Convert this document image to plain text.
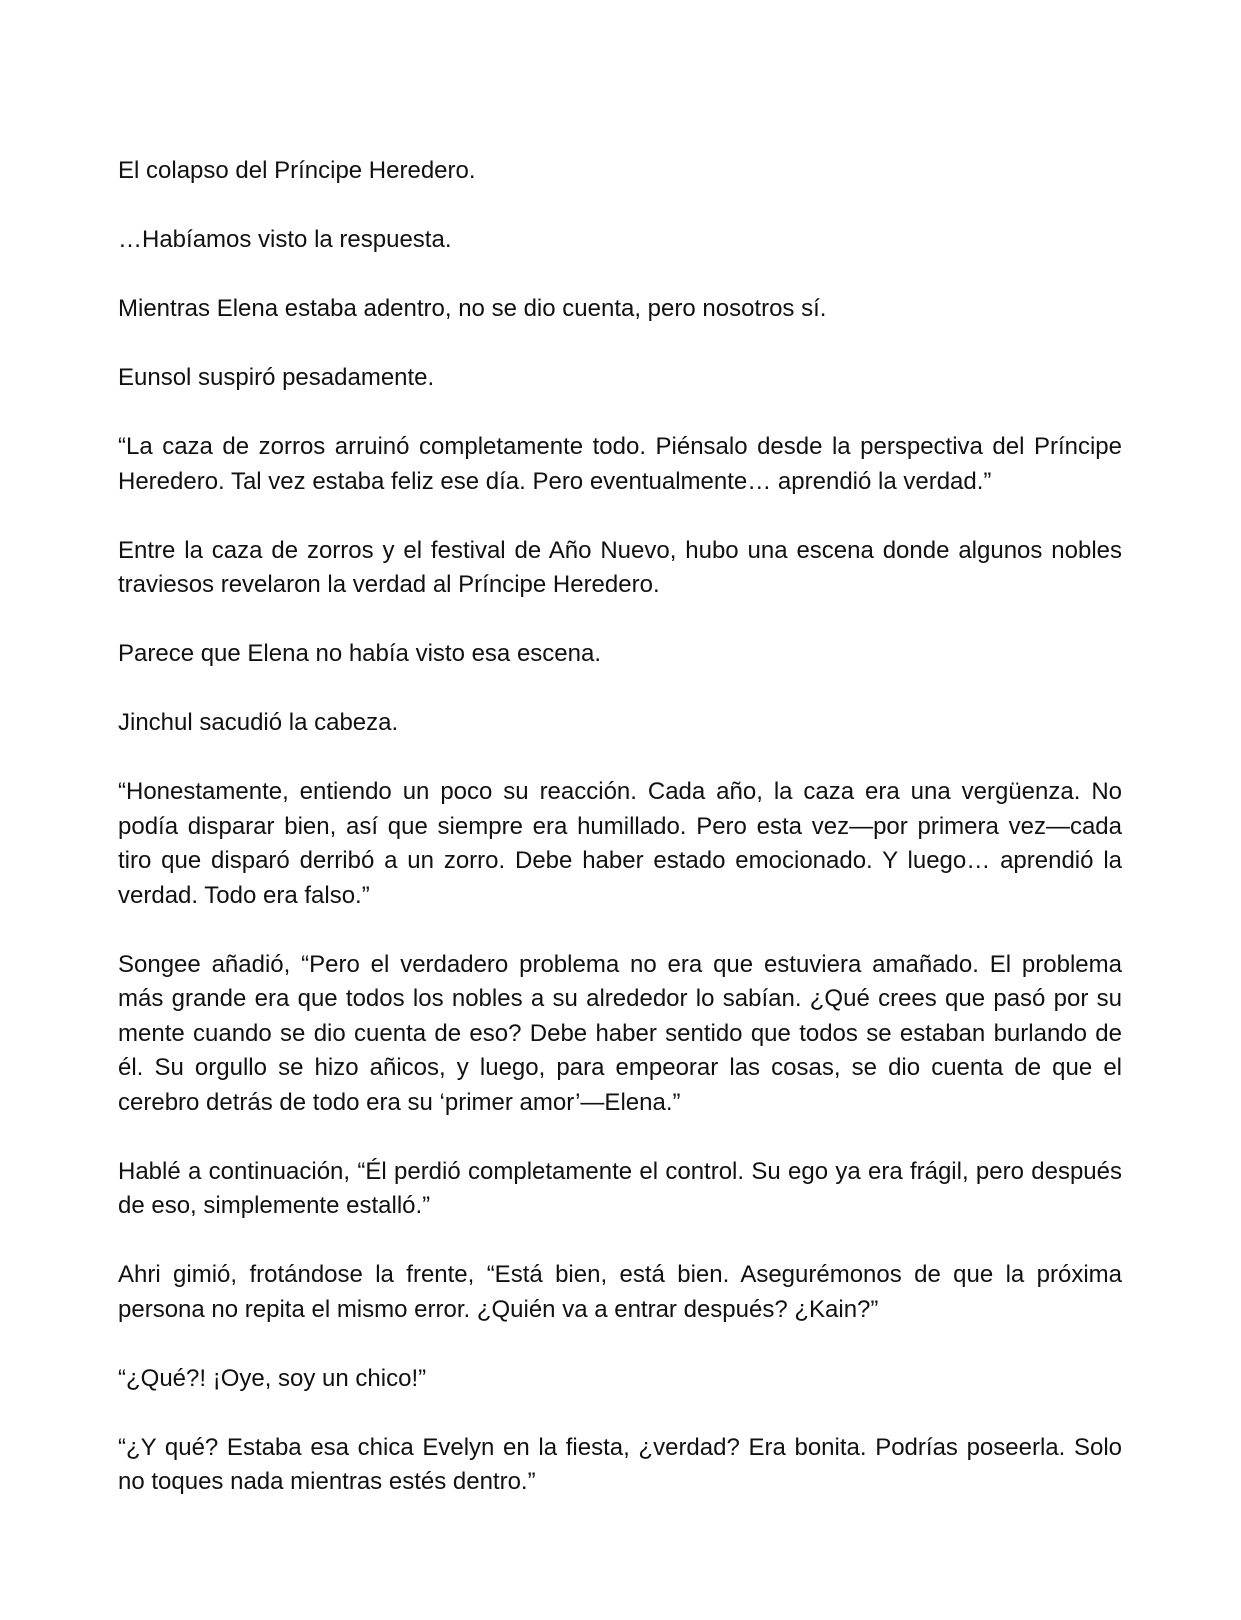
El colapso del Príncipe Heredero.

…Habíamos visto la respuesta.

Mientras Elena estaba adentro, no se dio cuenta, pero nosotros sí.

Eunsol suspiró pesadamente.

“La caza de zorros arruinó completamente todo. Piénsalo desde la perspectiva del Príncipe Heredero. Tal vez estaba feliz ese día. Pero eventualmente… aprendió la verdad.”

Entre la caza de zorros y el festival de Año Nuevo, hubo una escena donde algunos nobles traviesos revelaron la verdad al Príncipe Heredero.

Parece que Elena no había visto esa escena.

Jinchul sacudió la cabeza.

“Honestamente, entiendo un poco su reacción. Cada año, la caza era una vergüenza. No podía disparar bien, así que siempre era humillado. Pero esta vez—por primera vez—cada tiro que disparó derribó a un zorro. Debe haber estado emocionado. Y luego… aprendió la verdad. Todo era falso.”

Songee añadió, “Pero el verdadero problema no era que estuviera amañado. El problema más grande era que todos los nobles a su alrededor lo sabían. ¿Qué crees que pasó por su mente cuando se dio cuenta de eso? Debe haber sentido que todos se estaban burlando de él. Su orgullo se hizo añicos, y luego, para empeorar las cosas, se dio cuenta de que el cerebro detrás de todo era su ‘primer amor’—Elena.”

Hablé a continuación, “Él perdió completamente el control. Su ego ya era frágil, pero después de eso, simplemente estalló.”

Ahri gimió, frotándose la frente, “Está bien, está bien. Asegurémonos de que la próxima persona no repita el mismo error. ¿Quién va a entrar después? ¿Kain?”

“¿Qué?! ¡Oye, soy un chico!”

“¿Y qué? Estaba esa chica Evelyn en la fiesta, ¿verdad? Era bonita. Podrías poseerla. Solo no toques nada mientras estés dentro.”
